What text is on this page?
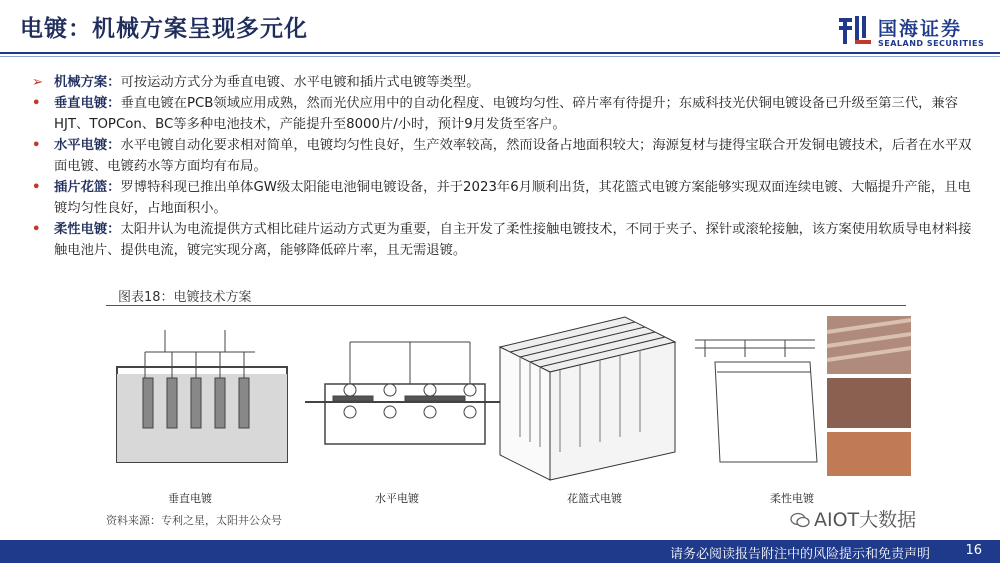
电镀：机械方案呈现多元化	国海证券
SEALAND SECURITIES
➢ 机械方案：可按运动方式分为垂直电镀、水平电镀和插片式电镀等类型。
• 垂直电镀：垂直电镀在PCB领域应用成熟，然而光伏应用中的自动化程度、电镀均匀性、碎片率有待提升；东威科技光伏铜电镀设备已升级至第三代，兼容HJT、TOPCon、BC等多种电池技术，产能提升至8000片/小时，预计9月发货至客户。
• 水平电镀：水平电镀自动化要求相对简单，电镀均匀性良好，生产效率较高，然而设备占地面积较大；海源复材与捷得宝联合开发铜电镀技术，后者在水平双面电镀、电镀药水等方面均有布局。
• 插片花篮：罗博特科现已推出单体GW级太阳能电池铜电镀设备，并于2023年6月顺利出货，其花篮式电镀方案能够实现双面连续电镀、大幅提升产能，且电镀均匀性良好，占地面积小。
• 柔性电镀：太阳井认为电流提供方式相比硅片运动方式更为重要，自主开发了柔性接触电镀技术，不同于夹子、探针或滚轮接触，该方案使用软质导电材料接触电池片、提供电流，镀完实现分离，能够降低碎片率，且无需退镀。
图表18：电镀技术方案
垂直电镀	水平电镀	花篮式电镀	柔性电镀
资料来源：专利之星，太阳井公众号	AIOT大数据
请务必阅读报告附注中的风险提示和免责声明	16
